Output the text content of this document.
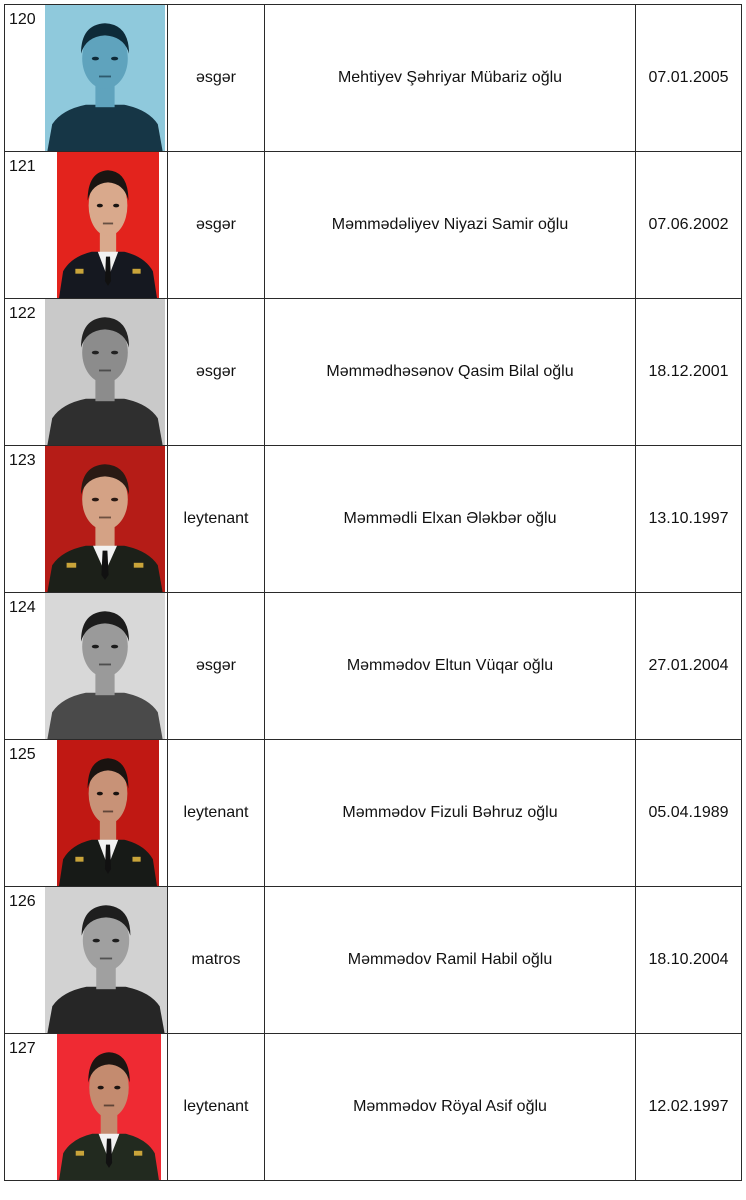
120		əsgər	Mehtiyev Şəhriyar Mübariz oğlu	07.01.2005

121		əsgər	Məmmədəliyev Niyazi Samir oğlu	07.06.2002

122		əsgər	Məmmədhəsənov Qasim Bilal oğlu	18.12.2001

123		leytenant	Məmmədli Elxan Ələkbər oğlu	13.10.1997

124		əsgər	Məmmədov Eltun Vüqar oğlu	27.01.2004

125		leytenant	Məmmədov Fizuli Bəhruz oğlu	05.04.1989

126		matros	Məmmədov Ramil Habil oğlu	18.10.2004

127		leytenant	Məmmədov Röyal Asif oğlu	12.02.1997
